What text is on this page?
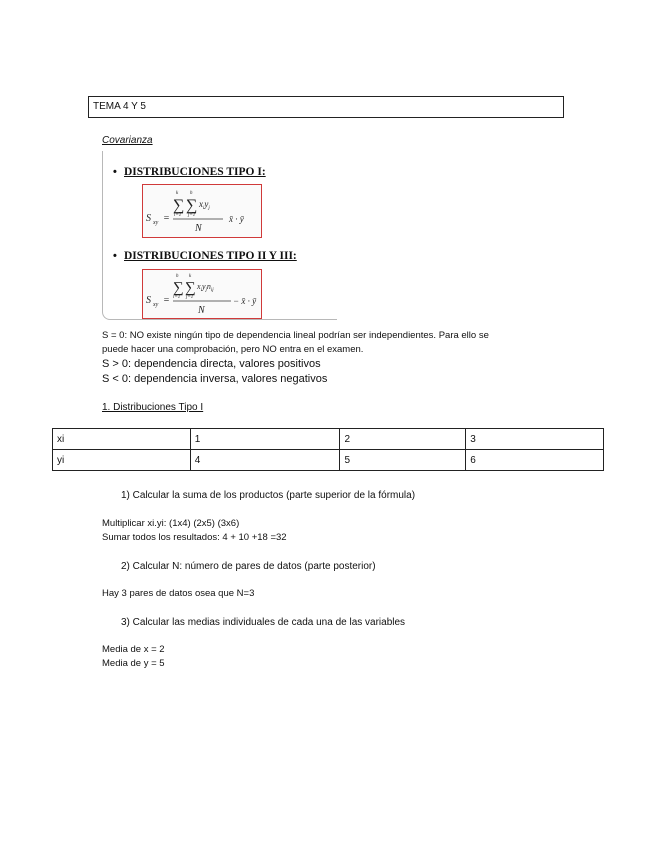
TEMA 4 Y 5
Covarianza
• DISTRIBUCIONES TIPO I:
S xy =
∑ ∑
k h
i=1 j=1
$x_iy_j$
N
x̄ · ȳ
• DISTRIBUCIONES TIPO II Y III:
S xy =
∑ ∑
h k
i=1 j=1
$x_iy_jn_{ij}$
N
− x̄ · ȳ
S = 0: NO existe ningún tipo de dependencia lineal podrían ser independientes. Para ello se
puede hacer una comprobación, pero NO entra en el examen.
S > 0: dependencia directa, valores positivos
S < 0: dependencia inversa, valores negativos
1. Distribuciones Tipo I
xi	1	2	3
yi	4	5	6
1) Calcular la suma de los productos (parte superior de la fórmula)
Multiplicar xi.yi: (1x4) (2x5) (3x6)
Sumar todos los resultados: 4 + 10 +18 =32
2) Calcular N: número de pares de datos (parte posterior)
Hay 3 pares de datos osea que N=3
3) Calcular las medias individuales de cada una de las variables
Media de x = 2
Media de y = 5
